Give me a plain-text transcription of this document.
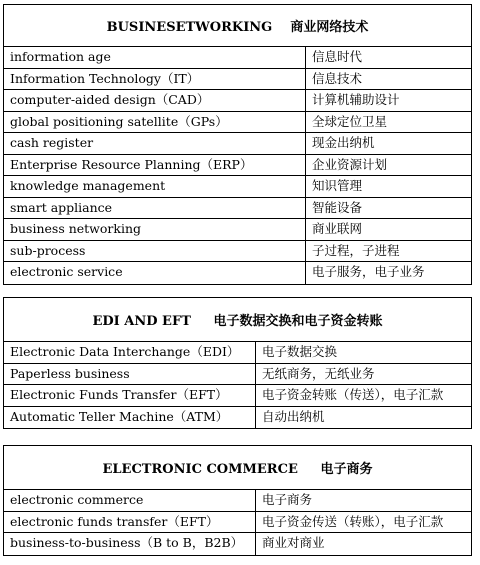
BUSINESETWORKING    商业网络技术
information age	信息时代
Information Technology（IT）	信息技术
computer-aided design（CAD）	计算机辅助设计
global positioning satellite（GPs）	全球定位卫星
cash register	现金出纳机
Enterprise Resource Planning（ERP）	企业资源计划
knowledge management	知识管理
smart appliance	智能设备
business networking	商业联网
sub-process	子过程，子进程
electronic service	电子服务，电子业务
EDI AND EFT     电子数据交换和电子资金转账
Electronic Data Interchange（EDI）	电子数据交换
Paperless business	无纸商务，无纸业务
Electronic Funds Transfer（EFT）	电子资金转账（传送），电子汇款
Automatic Teller Machine（ATM）	自动出纳机
ELECTRONIC COMMERCE     电子商务
electronic commerce	电子商务
electronic funds transfer（EFT）	电子资金传送（转账），电子汇款
business-to-business（B to B，B2B）	商业对商业
